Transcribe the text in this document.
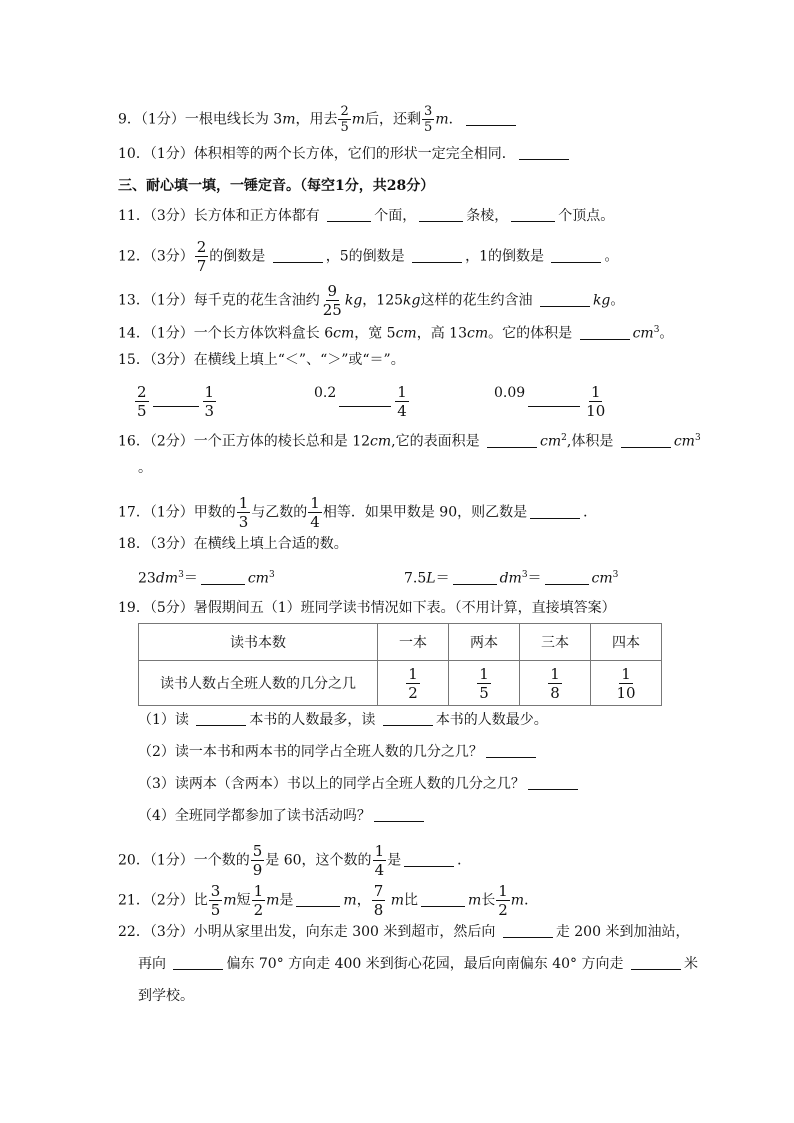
9．（1分）一根电线长为 3m，用去 $\frac{2}{5}$ m后，还剩 $\frac{3}{5}$ m．
10．（1分）体积相等的两个长方体，它们的形状一定完全相同．
三、耐心填一填，一锤定音。（每空1分，共28分）
11．（3分）长方体和正方体都有	个面，	条棱，	个顶点。
12．（3分） $\frac{2}{7}$ 的倒数是	，5的倒数是	，1的倒数是	。
13．（1分）每千克的花生含油约 $\frac{9}{25}$ kg，125kg这样的花生约含油	kg。
14．（1分）一个长方体饮料盒长 6cm，宽 5cm，高 13cm。它的体积是	$cm^3$。
15．（3分）在横线上填上“＜”、“＞”或“＝”。
$\frac{2}{5}$	$\frac{1}{3}$	0.2	$\frac{1}{4}$	0.09	$\frac{1}{10}$
16．（2分）一个正方体的棱长总和是 12cm,它的表面积是	$cm^2$,体积是	$cm^3$
。
17．（1分）甲数的 $\frac{1}{3}$ 与乙数的 $\frac{1}{4}$ 相等．如果甲数是 90，则乙数是	．
18．（3分）在横线上填上合适的数。
$23dm^3=$	$cm^3$	7.5L＝	$dm^3=$	$cm^3$
19．（5分）暑假期间五（1）班同学读书情况如下表。（不用计算，直接填答案）
读书本数	一本	两本	三本	四本
读书人数占全班人数的几分之几	$\frac{1}{2}$	$\frac{1}{5}$	$\frac{1}{8}$	$\frac{1}{10}$
（1）读	本书的人数最多，读	本书的人数最少。
（2）读一本书和两本书的同学占全班人数的几分之几？
（3）读两本（含两本）书以上的同学占全班人数的几分之几？
（4）全班同学都参加了读书活动吗？
20．（1分）一个数的 $\frac{5}{9}$ 是 60，这个数的 $\frac{1}{4}$ 是	．
21．（2分）比 $\frac{3}{5}$ m短 $\frac{1}{2}$ m是	m， $\frac{7}{8}$ m比	m长 $\frac{1}{2}$ m．
22．（3分）小明从家里出发，向东走 300 米到超市，然后向	走 200 米到加油站，
再向	偏东 70° 方向走 400 米到街心花园，最后向南偏东 40° 方向走	米
到学校。
